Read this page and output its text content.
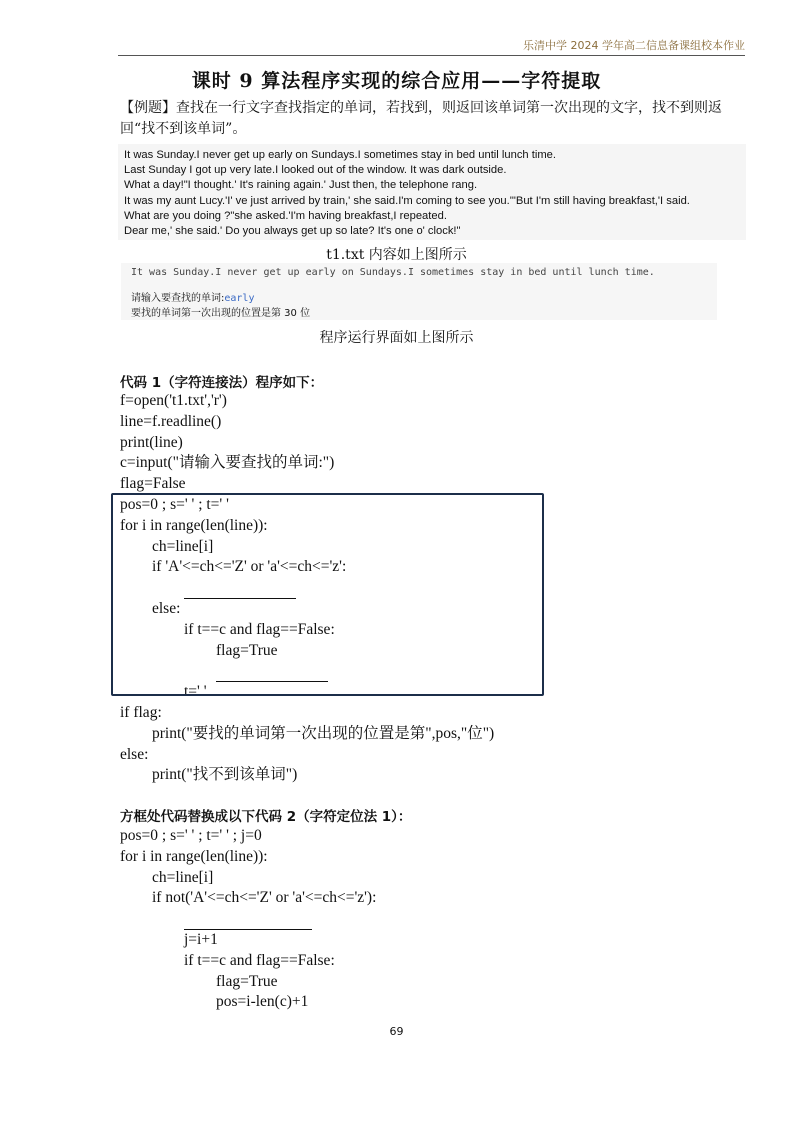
乐清中学 2024 学年高二信息备课组校本作业
课时 9 算法程序实现的综合应用——字符提取
【例题】查找在一行文字查找指定的单词，若找到，则返回该单词第一次出现的文字，找不到则返回“找不到该单词”。
It was Sunday.I never get up early on Sundays.I sometimes stay in bed until lunch time.
Last Sunday I got up very late.I looked out of the window. It was dark outside.
What a day!"I thought.' It's raining again.' Just then, the telephone rang.
It was my aunt Lucy.'I' ve just arrived by train,' she said.I'm coming to see you.'"But I'm still having breakfast,'I said.
What are you doing ?"she asked.'I'm having breakfast,I repeated.
Dear me,' she said.' Do you always get up so late? It's one o' clock!"
t1.txt 内容如上图所示
It was Sunday.I never get up early on Sundays.I sometimes stay in bed until lunch time.
请输入要查找的单词:early
要找的单词第一次出现的位置是第 30 位
程序运行界面如上图所示
代码 1（字符连接法）程序如下：
f=open('t1.txt','r')
line=f.readline()
print(line)
c=input("请输入要查找的单词:")
flag=False
pos=0 ; s=' ' ; t=' '
for i in range(len(line)):
ch=line[i]
if 'A'<=ch<='Z' or 'a'<=ch<='z':
else:
if t==c and flag==False:
flag=True
t=' '
if flag:
print("要找的单词第一次出现的位置是第",pos,"位")
else:
print("找不到该单词")
方框处代码替换成以下代码 2（字符定位法 1）：
pos=0 ; s=' ' ; t=' ' ; j=0
for i in range(len(line)):
ch=line[i]
if not('A'<=ch<='Z' or 'a'<=ch<='z'):
j=i+1
if t==c and flag==False:
flag=True
pos=i-len(c)+1
69
